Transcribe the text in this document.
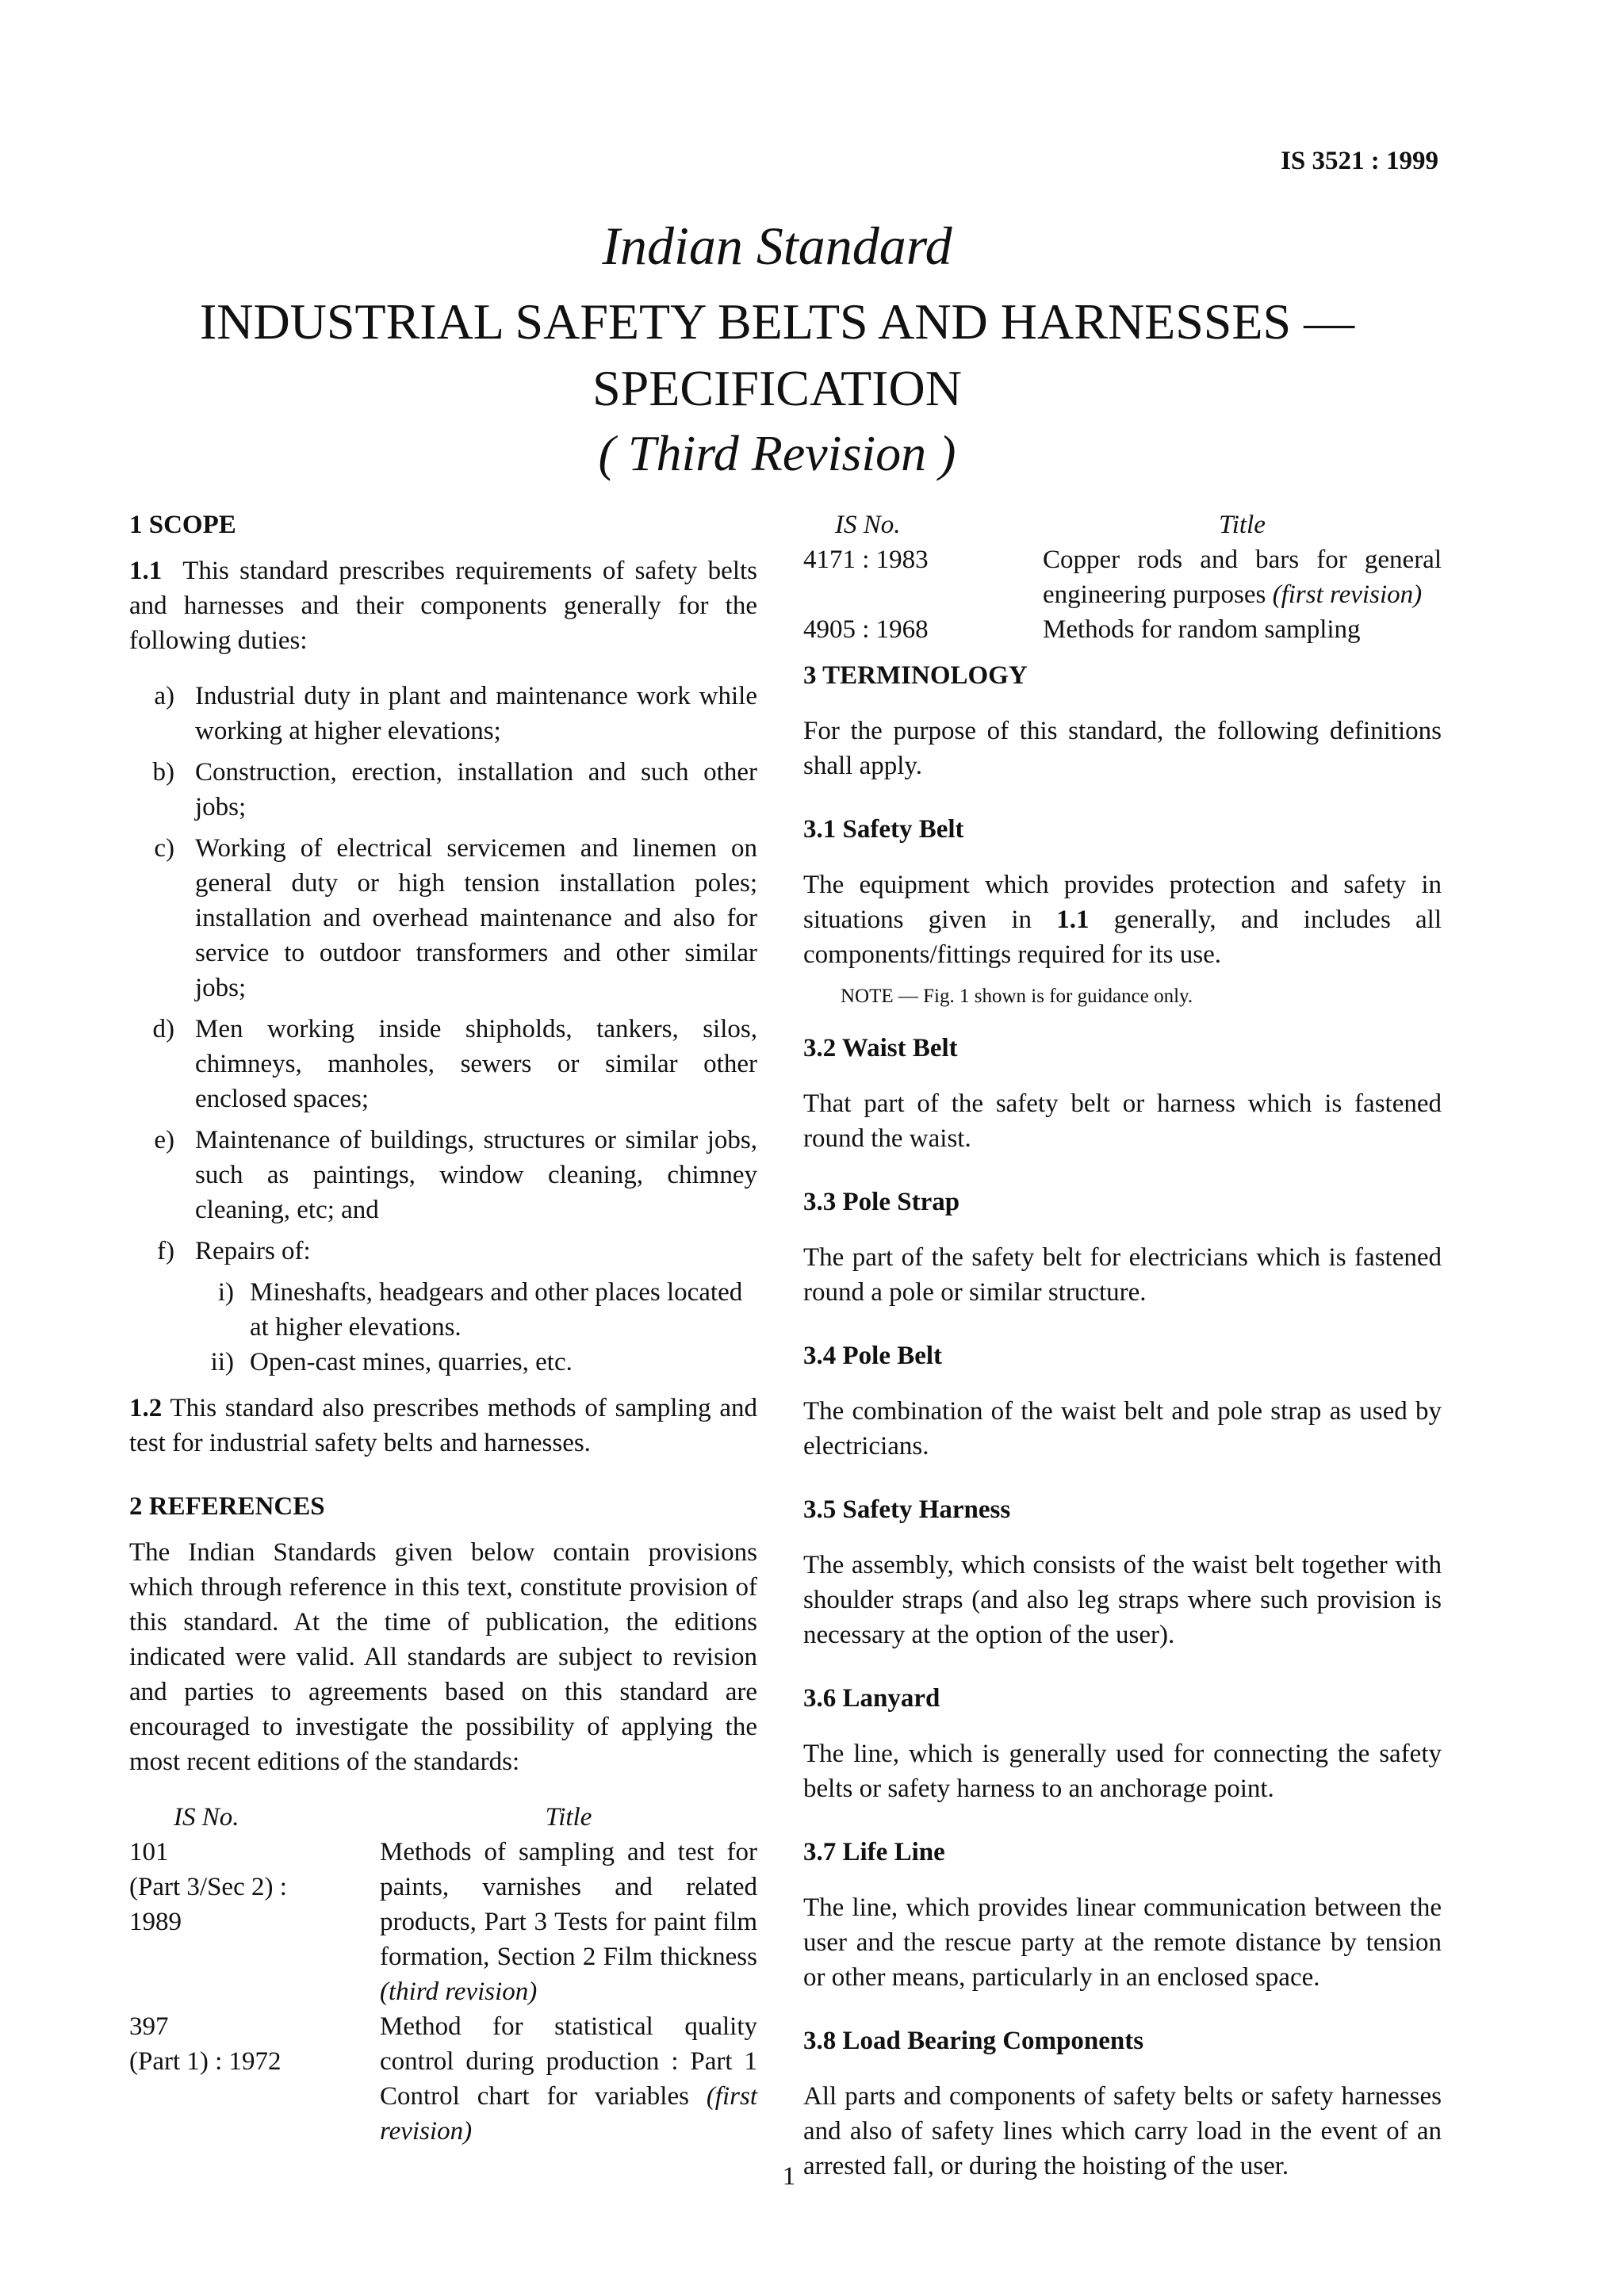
IS 3521 : 1999
Indian Standard
INDUSTRIAL SAFETY BELTS AND HARNESSES —
SPECIFICATION
( Third Revision )

1 SCOPE

1.1 This standard prescribes requirements of safety belts and harnesses and their components generally for the following duties:

a) Industrial duty in plant and maintenance work while working at higher elevations;
b) Construction, erection, installation and such other jobs;
c) Working of electrical servicemen and linemen on general duty or high tension installation poles; installation and overhead maintenance and also for service to outdoor transformers and other similar jobs;
d) Men working inside shipholds, tankers, silos, chimneys, manholes, sewers or similar other enclosed spaces;
e) Maintenance of buildings, structures or similar jobs, such as paintings, window cleaning, chimney cleaning, etc; and
f) Repairs of:
i) Mineshafts, headgears and other places located at higher elevations.
ii) Open-cast mines, quarries, etc.

1.2 This standard also prescribes methods of sampling and test for industrial safety belts and harnesses.

2 REFERENCES

The Indian Standards given below contain provisions which through reference in this text, constitute provision of this standard. At the time of publication, the editions indicated were valid. All standards are subject to revision and parties to agreements based on this standard are encouraged to investigate the possibility of applying the most recent editions of the standards:

IS No.	Title

101
(Part 3/Sec 2) :
1989	Methods of sampling and test for paints, varnishes and related products, Part 3 Tests for paint film formation, Section 2 Film thickness (third revision)

397
(Part 1) : 1972	Method for statistical quality control during production : Part 1 Control chart for variables (first revision)
IS No.	Title
4171 : 1983	Copper rods and bars for general engineering purposes (first revision)
4905 : 1968	Methods for random sampling

3 TERMINOLOGY

For the purpose of this standard, the following definitions shall apply.

3.1 Safety Belt

The equipment which provides protection and safety in situations given in 1.1 generally, and includes all components/fittings required for its use.

NOTE — Fig. 1 shown is for guidance only.

3.2 Waist Belt

That part of the safety belt or harness which is fastened round the waist.

3.3 Pole Strap

The part of the safety belt for electricians which is fastened round a pole or similar structure.

3.4 Pole Belt

The combination of the waist belt and pole strap as used by electricians.

3.5 Safety Harness

The assembly, which consists of the waist belt together with shoulder straps (and also leg straps where such provision is necessary at the option of the user).

3.6 Lanyard

The line, which is generally used for connecting the safety belts or safety harness to an anchorage point.

3.7 Life Line

The line, which provides linear communication between the user and the rescue party at the remote distance by tension or other means, particularly in an enclosed space.

3.8 Load Bearing Components

All parts and components of safety belts or safety harnesses and also of safety lines which carry load in the event of an arrested fall, or during the hoisting of the user.

1
